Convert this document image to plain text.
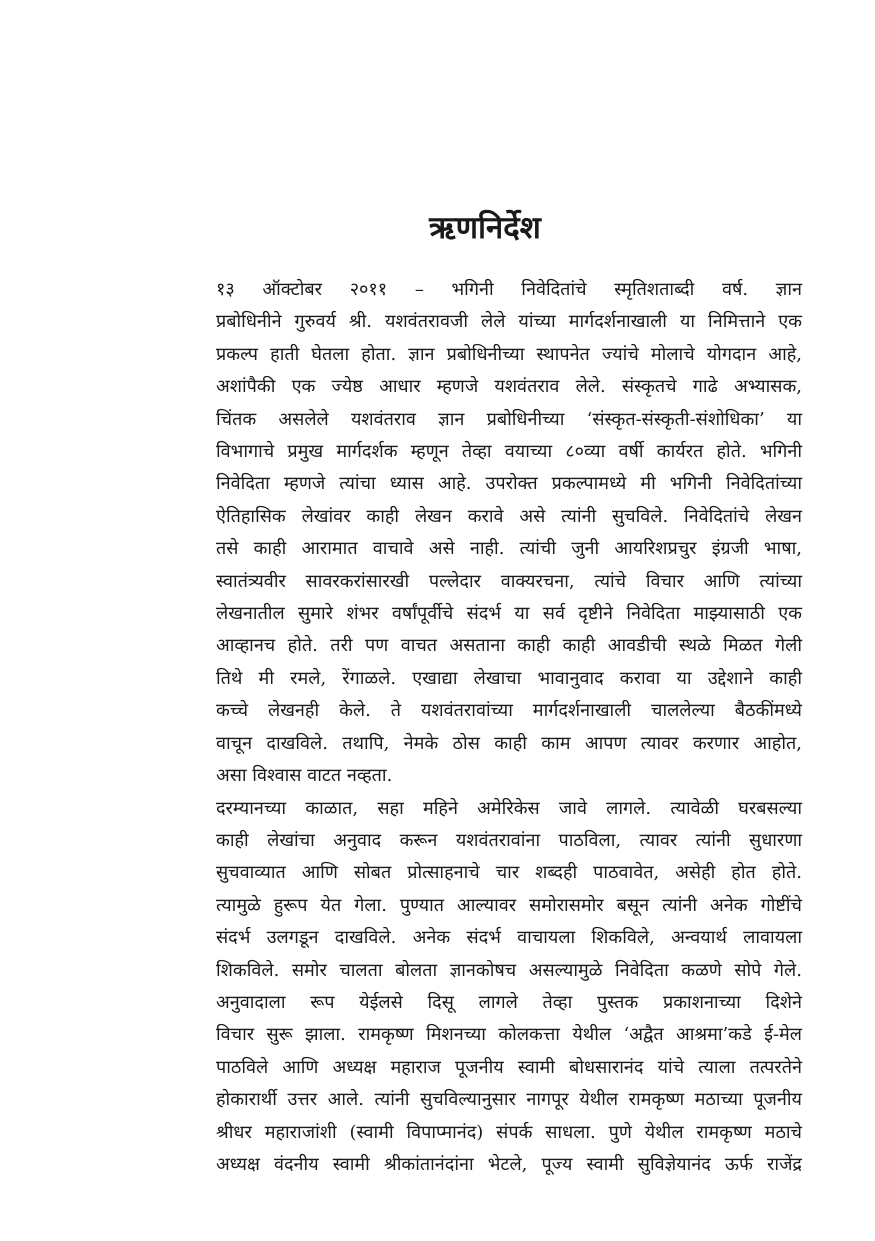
ऋणनिर्देश

१३ ऑक्टोबर २०११ – भगिनी निवेदितांचे स्मृतिशताब्दी वर्ष. ज्ञान
प्रबोधिनीने गुरुवर्य श्री. यशवंतरावजी लेले यांच्या मार्गदर्शनाखाली या निमित्ताने एक
प्रकल्प हाती घेतला होता. ज्ञान प्रबोधिनीच्या स्थापनेत ज्यांचे मोलाचे योगदान आहे,
अशांपैकी एक ज्येष्ठ आधार म्हणजे यशवंतराव लेले. संस्कृतचे गाढे अभ्यासक,
चिंतक असलेले यशवंतराव ज्ञान प्रबोधिनीच्या ‘संस्कृत-संस्कृती-संशोधिका’ या
विभागाचे प्रमुख मार्गदर्शक म्हणून तेव्हा वयाच्या ८०व्या वर्षी कार्यरत होते. भगिनी
निवेदिता म्हणजे त्यांचा ध्यास आहे. उपरोक्त प्रकल्पामध्ये मी भगिनी निवेदितांच्या
ऐतिहासिक लेखांवर काही लेखन करावे असे त्यांनी सुचविले. निवेदितांचे लेखन
तसे काही आरामात वाचावे असे नाही. त्यांची जुनी आयरिशप्रचुर इंग्रजी भाषा,
स्वातंत्र्यवीर सावरकरांसारखी पल्लेदार वाक्यरचना, त्यांचे विचार आणि त्यांच्या
लेखनातील सुमारे शंभर वर्षांपूर्वीचे संदर्भ या सर्व दृष्टीने निवेदिता माझ्यासाठी एक
आव्हानच होते. तरी पण वाचत असताना काही काही आवडीची स्थळे मिळत गेली
तिथे मी रमले, रेंगाळले. एखाद्या लेखाचा भावानुवाद करावा या उद्देशाने काही
कच्चे लेखनही केले. ते यशवंतरावांच्या मार्गदर्शनाखाली चाललेल्या बैठकींमध्ये
वाचून दाखविले. तथापि, नेमके ठोस काही काम आपण त्यावर करणार आहोत,
असा विश्वास वाटत नव्हता.

दरम्यानच्या काळात, सहा महिने अमेरिकेस जावे लागले. त्यावेळी घरबसल्या
काही लेखांचा अनुवाद करून यशवंतरावांना पाठविला, त्यावर त्यांनी सुधारणा
सुचवाव्यात आणि सोबत प्रोत्साहनाचे चार शब्दही पाठवावेत, असेही होत होते.
त्यामुळे हुरूप येत गेला. पुण्यात आल्यावर समोरासमोर बसून त्यांनी अनेक गोष्टींचे
संदर्भ उलगडून दाखविले. अनेक संदर्भ वाचायला शिकविले, अन्वयार्थ लावायला
शिकविले. समोर चालता बोलता ज्ञानकोषच असल्यामुळे निवेदिता कळणे सोपे गेले.

अनुवादाला रूप येईलसे दिसू लागले तेव्हा पुस्तक प्रकाशनाच्या दिशेने
विचार सुरू झाला. रामकृष्ण मिशनच्या कोलकत्ता येथील ‘अद्वैत आश्रमा’कडे ई-मेल
पाठविले आणि अध्यक्ष महाराज पूजनीय स्वामी बोधसारानंद यांचे त्याला तत्परतेने
होकारार्थी उत्तर आले. त्यांनी सुचविल्यानुसार नागपूर येथील रामकृष्ण मठाच्या पूजनीय
श्रीधर महाराजांशी (स्वामी विपाप्मानंद) संपर्क साधला. पुणे येथील रामकृष्ण मठाचे
अध्यक्ष वंदनीय स्वामी श्रीकांतानंदांना भेटले, पूज्य स्वामी सुविज्ञेयानंद ऊर्फ राजेंद्र
